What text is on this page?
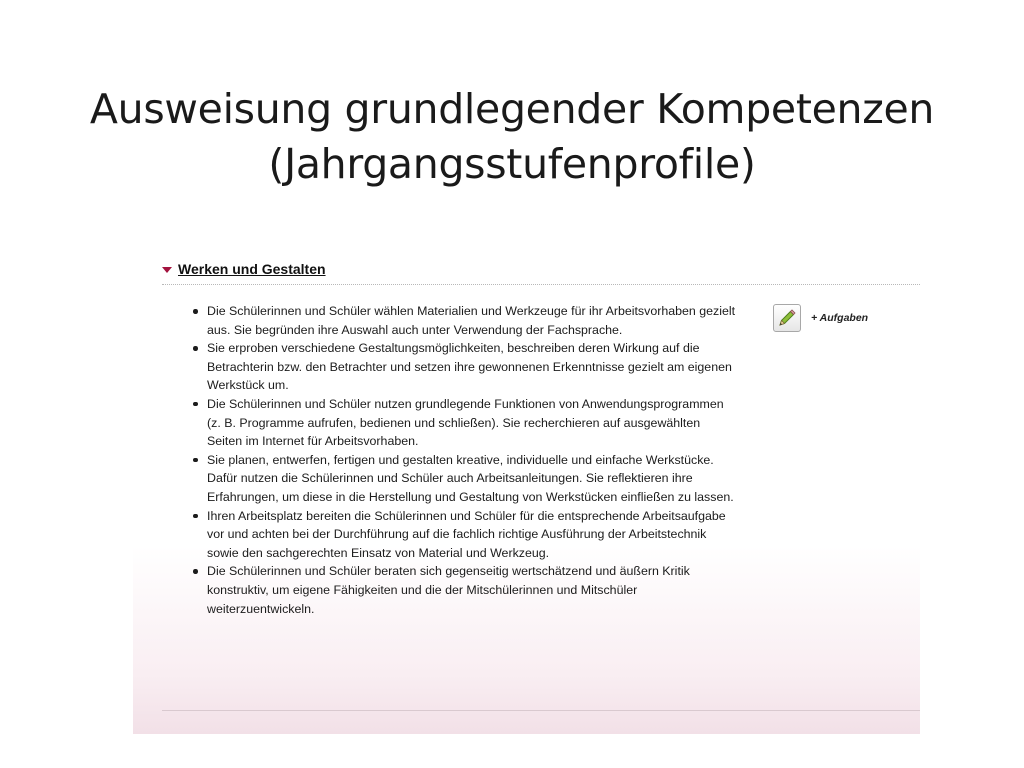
Ausweisung grundlegender Kompetenzen
(Jahrgangsstufenprofile)
Werken und Gestalten
Die Schülerinnen und Schüler wählen Materialien und Werkzeuge für ihr Arbeitsvorhaben gezielt aus. Sie begründen ihre Auswahl auch unter Verwendung der Fachsprache.
Sie erproben verschiedene Gestaltungsmöglichkeiten, beschreiben deren Wirkung auf die Betrachterin bzw. den Betrachter und setzen ihre gewonnenen Erkenntnisse gezielt am eigenen Werkstück um.
Die Schülerinnen und Schüler nutzen grundlegende Funktionen von Anwendungsprogrammen (z. B. Programme aufrufen, bedienen und schließen). Sie recherchieren auf ausgewählten Seiten im Internet für Arbeitsvorhaben.
Sie planen, entwerfen, fertigen und gestalten kreative, individuelle und einfache Werkstücke. Dafür nutzen die Schülerinnen und Schüler auch Arbeitsanleitungen. Sie reflektieren ihre Erfahrungen, um diese in die Herstellung und Gestaltung von Werkstücken einfließen zu lassen.
Ihren Arbeitsplatz bereiten die Schülerinnen und Schüler für die entsprechende Arbeitsaufgabe vor und achten bei der Durchführung auf die fachlich richtige Ausführung der Arbeitstechnik sowie den sachgerechten Einsatz von Material und Werkzeug.
Die Schülerinnen und Schüler beraten sich gegenseitig wertschätzend und äußern Kritik konstruktiv, um eigene Fähigkeiten und die der Mitschülerinnen und Mitschüler weiterzuentwickeln.
+ Aufgaben
